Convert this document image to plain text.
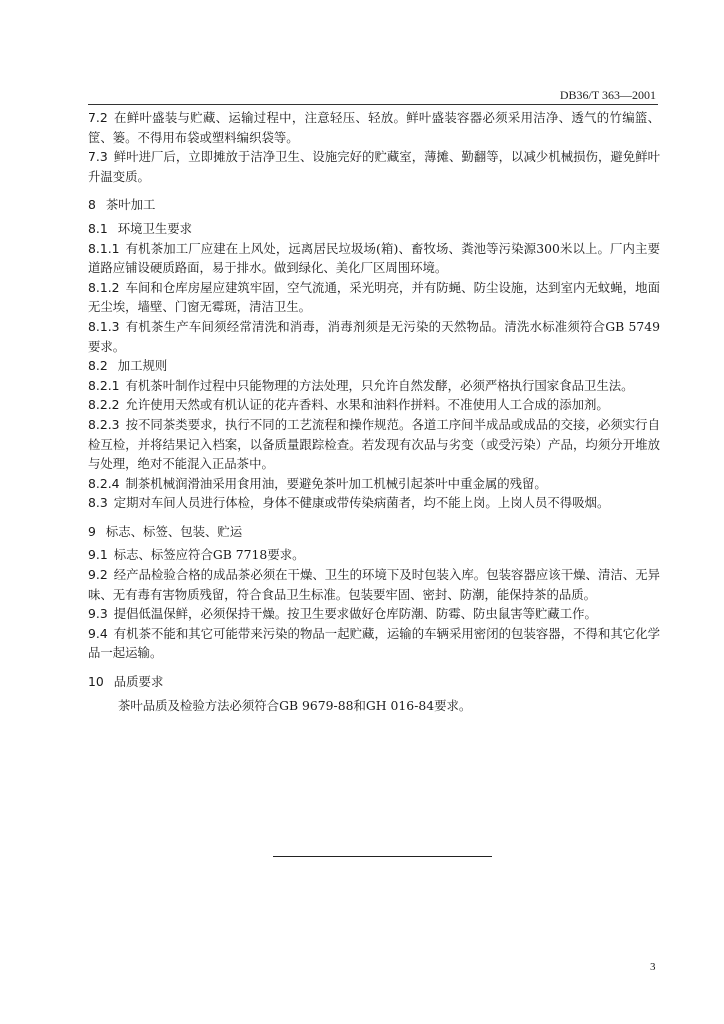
DB36/T 363—2001

7.2 在鲜叶盛装与贮藏、运输过程中，注意轻压、轻放。鲜叶盛装容器必须采用洁净、透气的竹编篮、筐、篓。不得用布袋或塑料编织袋等。

7.3 鲜叶进厂后，立即摊放于洁净卫生、设施完好的贮藏室，薄摊、勤翻等，以减少机械损伤，避免鲜叶升温变质。

8 茶叶加工

8.1 环境卫生要求

8.1.1 有机茶加工厂应建在上风处，远离居民垃圾场(箱)、畜牧场、粪池等污染源300米以上。厂内主要道路应铺设硬质路面，易于排水。做到绿化、美化厂区周围环境。

8.1.2 车间和仓库房屋应建筑牢固，空气流通，采光明亮，并有防蝇、防尘设施，达到室内无蚊蝇，地面无尘埃，墙壁、门窗无霉斑，清洁卫生。

8.1.3 有机茶生产车间须经常清洗和消毒，消毒剂须是无污染的天然物品。清洗水标准须符合GB 5749要求。

8.2 加工规则

8.2.1 有机茶叶制作过程中只能物理的方法处理，只允许自然发酵，必须严格执行国家食品卫生法。

8.2.2 允许使用天然或有机认证的花卉香料、水果和油料作拼料。不准使用人工合成的添加剂。

8.2.3 按不同茶类要求，执行不同的工艺流程和操作规范。各道工序间半成品或成品的交接，必须实行自检互检，并将结果记入档案，以备质量跟踪检查。若发现有次品与劣变（或受污染）产品，均须分开堆放与处理，绝对不能混入正品茶中。

8.2.4 制茶机械润滑油采用食用油，要避免茶叶加工机械引起茶叶中重金属的残留。

8.3 定期对车间人员进行体检，身体不健康或带传染病菌者，均不能上岗。上岗人员不得吸烟。

9 标志、标签、包装、贮运

9.1 标志、标签应符合GB 7718要求。

9.2 经产品检验合格的成品茶必须在干燥、卫生的环境下及时包装入库。包装容器应该干燥、清洁、无异味、无有毒有害物质残留，符合食品卫生标准。包装要牢固、密封、防潮，能保持茶的品质。

9.3 提倡低温保鲜，必须保持干燥。按卫生要求做好仓库防潮、防霉、防虫鼠害等贮藏工作。

9.4 有机茶不能和其它可能带来污染的物品一起贮藏，运输的车辆采用密闭的包装容器，不得和其它化学品一起运输。

10 品质要求

茶叶品质及检验方法必须符合GB 9679-88和GH 016-84要求。

3
